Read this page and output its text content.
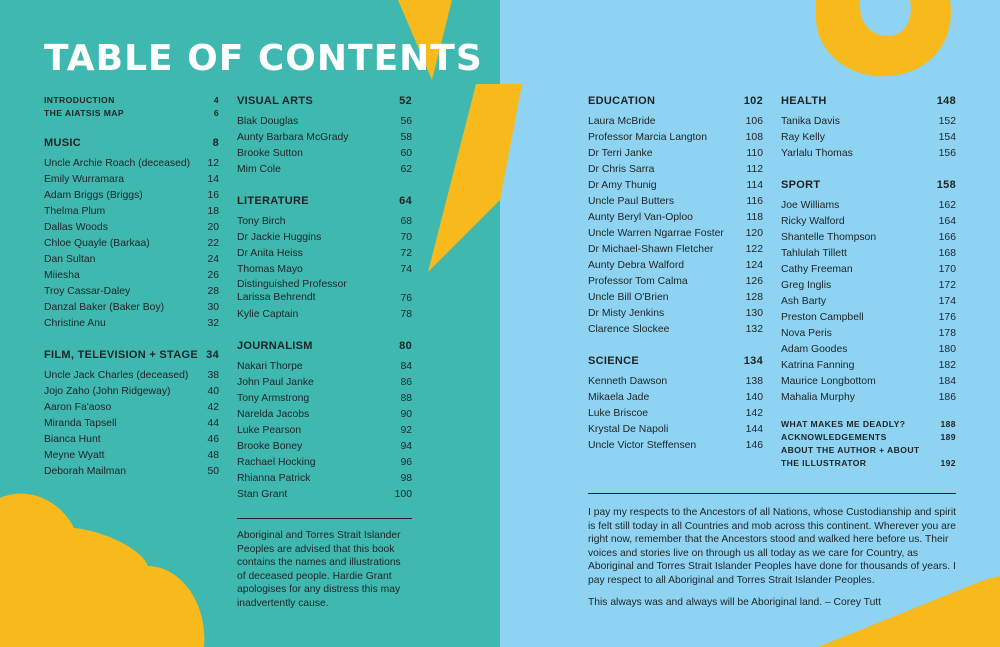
TABLE OF CONTENTS
INTRODUCTION	4
THE AIATSIS MAP	6
MUSIC	8
Uncle Archie Roach (deceased) 12
Emily Wurramara	14
Adam Briggs (Briggs)	16
Thelma Plum	18
Dallas Woods	20
Chloe Quayle (Barkaa)	22
Dan Sultan	24
Miiesha	26
Troy Cassar-Daley	28
Danzal Baker (Baker Boy)	30
Christine Anu	32
FILM, TELEVISION + STAGE 34
Uncle Jack Charles (deceased) 38
Jojo Zaho (John Ridgeway)	40
Aaron Fa'aoso	42
Miranda Tapsell	44
Bianca Hunt	46
Meyne Wyatt	48
Deborah Mailman	50
VISUAL ARTS	52
Blak Douglas	56
Aunty Barbara McGrady	58
Brooke Sutton	60
Mim Cole	62
LITERATURE	64
Tony Birch	68
Dr Jackie Huggins	70
Dr Anita Heiss	72
Thomas Mayo	74
Distinguished Professor Larissa Behrendt	76
Kylie Captain	78
JOURNALISM	80
Nakari Thorpe	84
John Paul Janke	86
Tony Armstrong	88
Narelda Jacobs	90
Luke Pearson	92
Brooke Boney	94
Rachael Hocking	96
Rhianna Patrick	98
Stan Grant	100
Aboriginal and Torres Strait Islander Peoples are advised that this book contains the names and illustrations of deceased people. Hardie Grant apologises for any distress this may inadvertently cause.
EDUCATION	102
Laura McBride	106
Professor Marcia Langton	108
Dr Terri Janke	110
Dr Chris Sarra	112
Dr Amy Thunig	114
Uncle Paul Butters	116
Aunty Beryl Van-Oploo	118
Uncle Warren Ngarrae Foster 120
Dr Michael-Shawn Fletcher	122
Aunty Debra Walford	124
Professor Tom Calma	126
Uncle Bill O'Brien	128
Dr Misty Jenkins	130
Clarence Slockee	132
SCIENCE	134
Kenneth Dawson	138
Mikaela Jade	140
Luke Briscoe	142
Krystal De Napoli	144
Uncle Victor Steffensen	146
HEALTH	148
Tanika Davis	152
Ray Kelly	154
Yarlalu Thomas	156
SPORT	158
Joe Williams	162
Ricky Walford	164
Shantelle Thompson	166
Tahlulah Tillett	168
Cathy Freeman	170
Greg Inglis	172
Ash Barty	174
Preston Campbell	176
Nova Peris	178
Adam Goodes	180
Katrina Fanning	182
Maurice Longbottom	184
Mahalia Murphy	186
WHAT MAKES ME DEADLY?	188
ACKNOWLEDGEMENTS	189
ABOUT THE AUTHOR + ABOUT THE ILLUSTRATOR	192

I pay my respects to the Ancestors of all Nations, whose Custodianship and spirit is felt still today in all Countries and mob across this continent. Wherever you are right now, remember that the Ancestors stood and walked here before us. Their voices and stories live on through us all today as we care for Country, as Aboriginal and Torres Strait Islander Peoples have done for thousands of years. I pay respect to all Aboriginal and Torres Strait Islander Peoples.

This always was and always will be Aboriginal land. – Corey Tutt
